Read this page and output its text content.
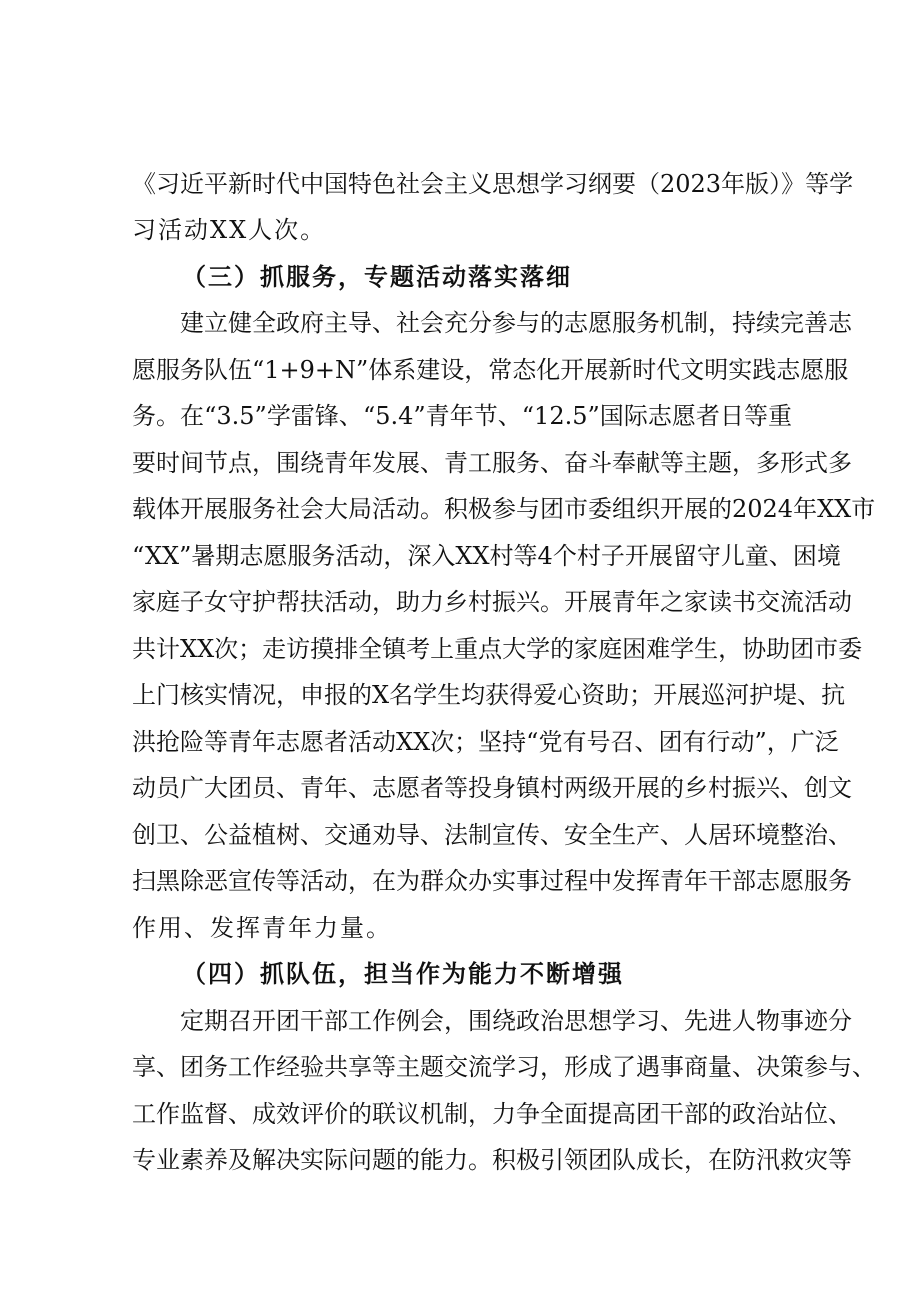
《习近平新时代中国特色社会主义思想学习纲要（2023年版）》等学
习活动XX人次。
（三）抓服务，专题活动落实落细
建立健全政府主导、社会充分参与的志愿服务机制，持续完善志
愿服务队伍“1+9+N”体系建设，常态化开展新时代文明实践志愿服
务。在“3.5”学雷锋、“5.4”青年节、“12.5”国际志愿者日等重
要时间节点，围绕青年发展、青工服务、奋斗奉献等主题，多形式多
载体开展服务社会大局活动。积极参与团市委组织开展的2024年XX市
“XX”暑期志愿服务活动，深入XX村等4个村子开展留守儿童、困境
家庭子女守护帮扶活动，助力乡村振兴。开展青年之家读书交流活动
共计XX次；走访摸排全镇考上重点大学的家庭困难学生，协助团市委
上门核实情况，申报的X名学生均获得爱心资助；开展巡河护堤、抗
洪抢险等青年志愿者活动XX次；坚持“党有号召、团有行动”，广泛
动员广大团员、青年、志愿者等投身镇村两级开展的乡村振兴、创文
创卫、公益植树、交通劝导、法制宣传、安全生产、人居环境整治、
扫黑除恶宣传等活动，在为群众办实事过程中发挥青年干部志愿服务
作用、发挥青年力量。
（四）抓队伍，担当作为能力不断增强
定期召开团干部工作例会，围绕政治思想学习、先进人物事迹分
享、团务工作经验共享等主题交流学习，形成了遇事商量、决策参与、
工作监督、成效评价的联议机制，力争全面提高团干部的政治站位、
专业素养及解决实际问题的能力。积极引领团队成长，在防汛救灾等
